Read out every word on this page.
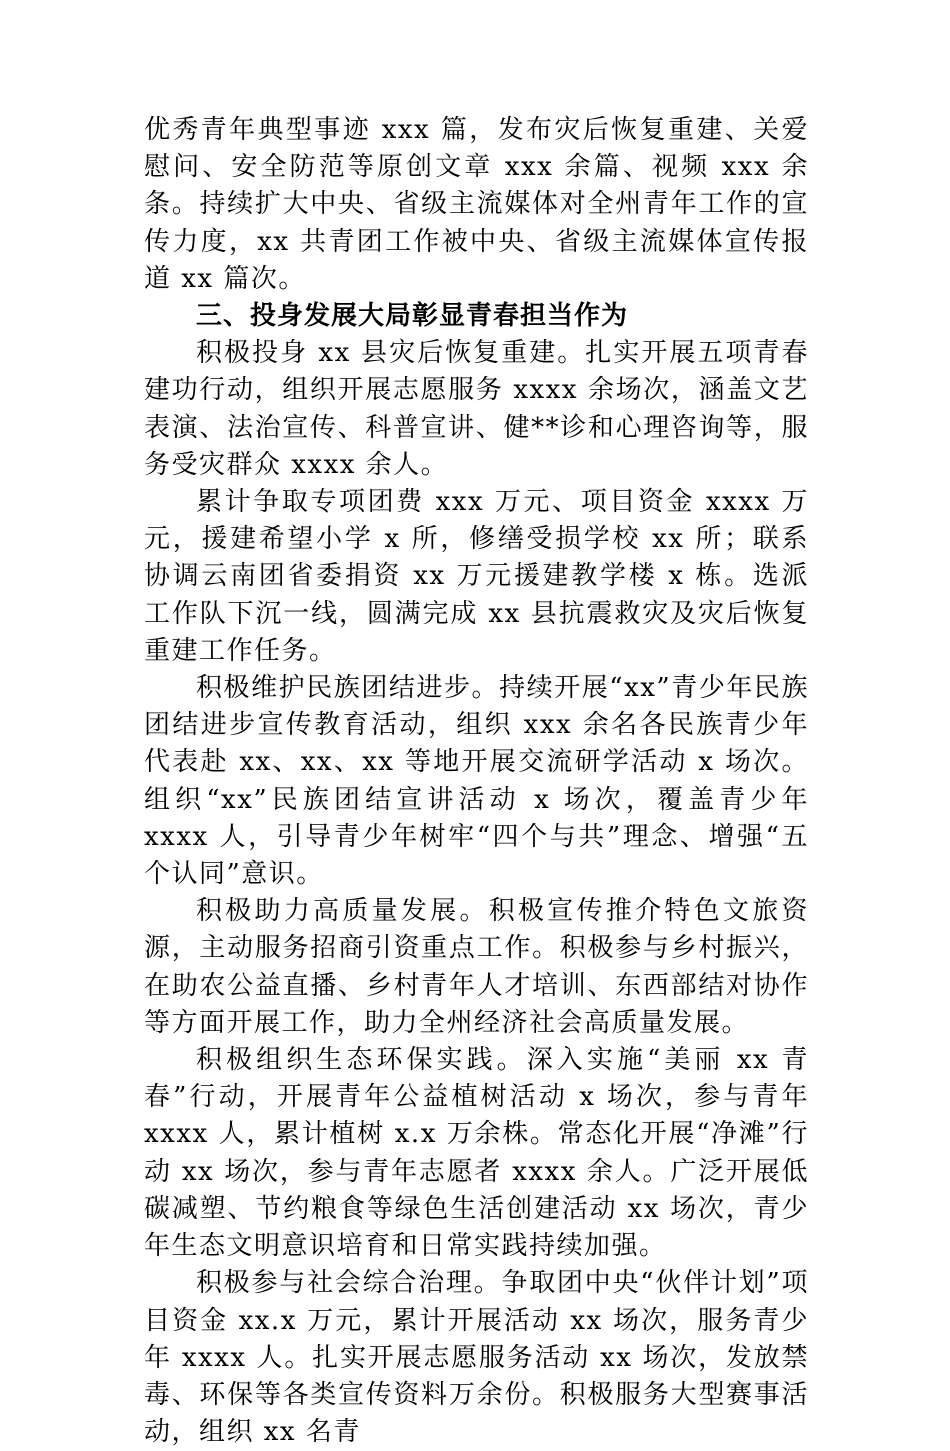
优秀青年典型事迹 xxx 篇，发布灾后恢复重建、关爱慰问、安全防范等原创文章 xxx 余篇、视频 xxx 余条。持续扩大中央、省级主流媒体对全州青年工作的宣传力度，xx 共青团工作被中央、省级主流媒体宣传报道 xx 篇次。

三、投身发展大局彰显青春担当作为

积极投身 xx 县灾后恢复重建。扎实开展五项青春建功行动，组织开展志愿服务 xxxx 余场次，涵盖文艺表演、法治宣传、科普宣讲、健**诊和心理咨询等，服务受灾群众 xxxx 余人。

累计争取专项团费 xxx 万元、项目资金 xxxx 万元，援建希望小学 x 所，修缮受损学校 xx 所；联系协调云南团省委捐资 xx 万元援建教学楼 x 栋。选派工作队下沉一线，圆满完成 xx 县抗震救灾及灾后恢复重建工作任务。

积极维护民族团结进步。持续开展“xx”青少年民族团结进步宣传教育活动，组织 xxx 余名各民族青少年代表赴 xx、xx、xx 等地开展交流研学活动 x 场次。组织“xx”民族团结宣讲活动 x 场次，覆盖青少年 xxxx 人，引导青少年树牢“四个与共”理念、增强“五个认同”意识。

积极助力高质量发展。积极宣传推介特色文旅资源，主动服务招商引资重点工作。积极参与乡村振兴，在助农公益直播、乡村青年人才培训、东西部结对协作等方面开展工作，助力全州经济社会高质量发展。

积极组织生态环保实践。深入实施“美丽 xx 青春”行动，开展青年公益植树活动 x 场次，参与青年 xxxx 人，累计植树 x.x 万余株。常态化开展“净滩”行动 xx 场次，参与青年志愿者 xxxx 余人。广泛开展低碳减塑、节约粮食等绿色生活创建活动 xx 场次，青少年生态文明意识培育和日常实践持续加强。

积极参与社会综合治理。争取团中央“伙伴计划”项目资金 xx.x 万元，累计开展活动 xx 场次，服务青少年 xxxx 人。扎实开展志愿服务活动 xx 场次，发放禁毒、环保等各类宣传资料万余份。积极服务大型赛事活动，组织 xx 名青
